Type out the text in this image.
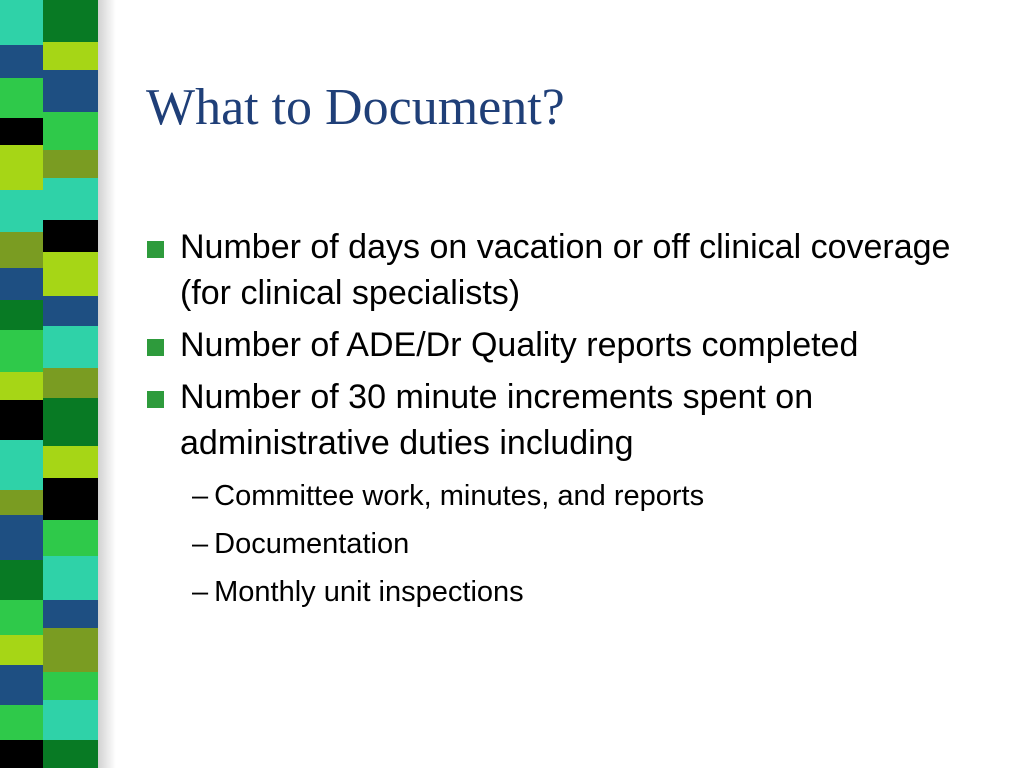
What to Document?
Number of days on vacation or off clinical coverage (for clinical specialists)
Number of ADE/Dr Quality reports completed
Number of 30 minute increments spent on administrative duties including
– Committee work, minutes, and reports
– Documentation
– Monthly unit inspections
